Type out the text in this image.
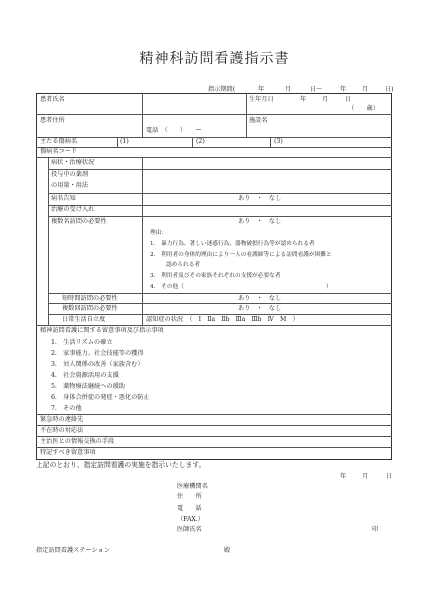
精神科訪問看護指示書
指示期間(	年	月	日〜	年	月	日)
患者氏名	生年月日	年	月	日
（　　歳）
患者住所
電話　（　　）　　ー
施設名
主たる傷病名	(1)	(2)	(3)
傷病名コード
病状・治療状況
投与中の薬剤
の用量・用法
病名告知	あり　・　なし
治療の受け入れ
複数名訪問の必要性	あり　・　なし
理由：
1.　暴力行為、著しい迷惑行為、器物破損行為等が認められる者
2.　利用者の身体的理由により一人の看護師等による訪問看護が困難と
認められる者
3.　利用者及びその家族それぞれの支援が必要な者
4.　その他（	）
短時間訪問の必要性	あり　・　なし
複数回訪問の必要性	あり　・　なし
日常生活自立度	認知症の状況　（　Ⅰ　Ⅱa　Ⅱb　Ⅲa　Ⅲb　Ⅳ　M　）
精神訪問看護に関する留意事項及び指示事項
1.　生活リズムの確立
2.　家事能力、社会技能等の獲得
3.　対人関係の改善（家族含む）
4.　社会資源活用の支援
5.　薬物療法継続への援助
6.　身体合併症の発症・悪化の防止
7.　その他
緊急時の連絡先
不在時の対応法
主治医との情報交換の手段
特記すべき留意事項
上記のとおり、指定訪問看護の実施を指示いたします。
年	月	日
医療機関名
住　　所
電　　話
（FAX.）
医師氏名	印
指定訪問看護ステーション	殿
